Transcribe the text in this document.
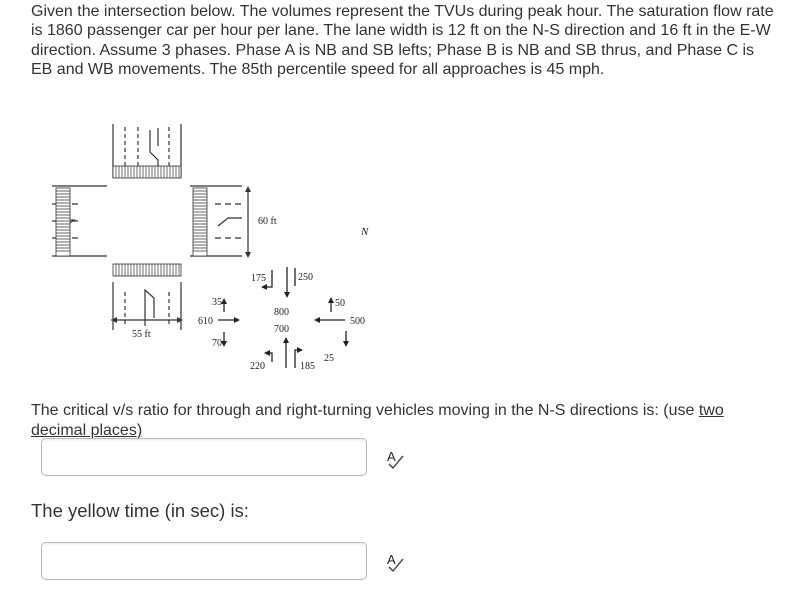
Given the intersection below. The volumes represent the TVUs during peak hour. The saturation flow rate is 1860 passenger car per hour per lane. The lane width is 12 ft on the N-S direction and 16 ft in the E-W direction. Assume 3 phases. Phase A is NB and SB lefts; Phase B is NB and SB thrus, and Phase C is EB and WB movements. The 85th percentile speed for all approaches is 45 mph.
60 ft
55 ft
N
175	250
800
700
50
500
35
610
70
220	185
25
The critical v/s ratio for through and right-turning vehicles moving in the N-S directions is: (use two decimal places)
A
The yellow time (in sec) is:
A
